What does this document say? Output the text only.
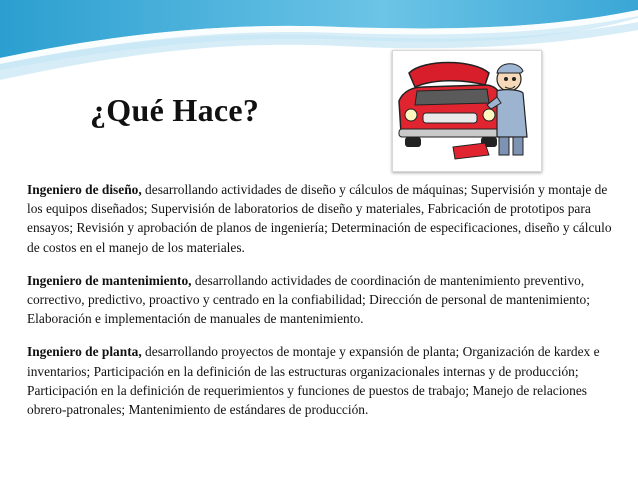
¿Qué Hace?

Ingeniero de diseño, desarrollando actividades de diseño y cálculos de máquinas; Supervisión y montaje de los equipos diseñados; Supervisión de laboratorios de diseño y materiales, Fabricación de prototipos para ensayos; Revisión y aprobación de planos de ingeniería; Determinación de especificaciones, diseño y cálculo de costos en el manejo de los materiales.

Ingeniero de mantenimiento, desarrollando actividades de coordinación de mantenimiento preventivo, correctivo, predictivo, proactivo y centrado en la confiabilidad; Dirección de personal de mantenimiento; Elaboración e implementación de manuales de mantenimiento.

Ingeniero de planta, desarrollando proyectos de montaje y expansión de planta; Organización de kardex e inventarios; Participación en la definición de las estructuras organizacionales internas y de producción; Participación en la definición de requerimientos y funciones de puestos de trabajo; Manejo de relaciones obrero-patronales; Mantenimiento de estándares de producción.
